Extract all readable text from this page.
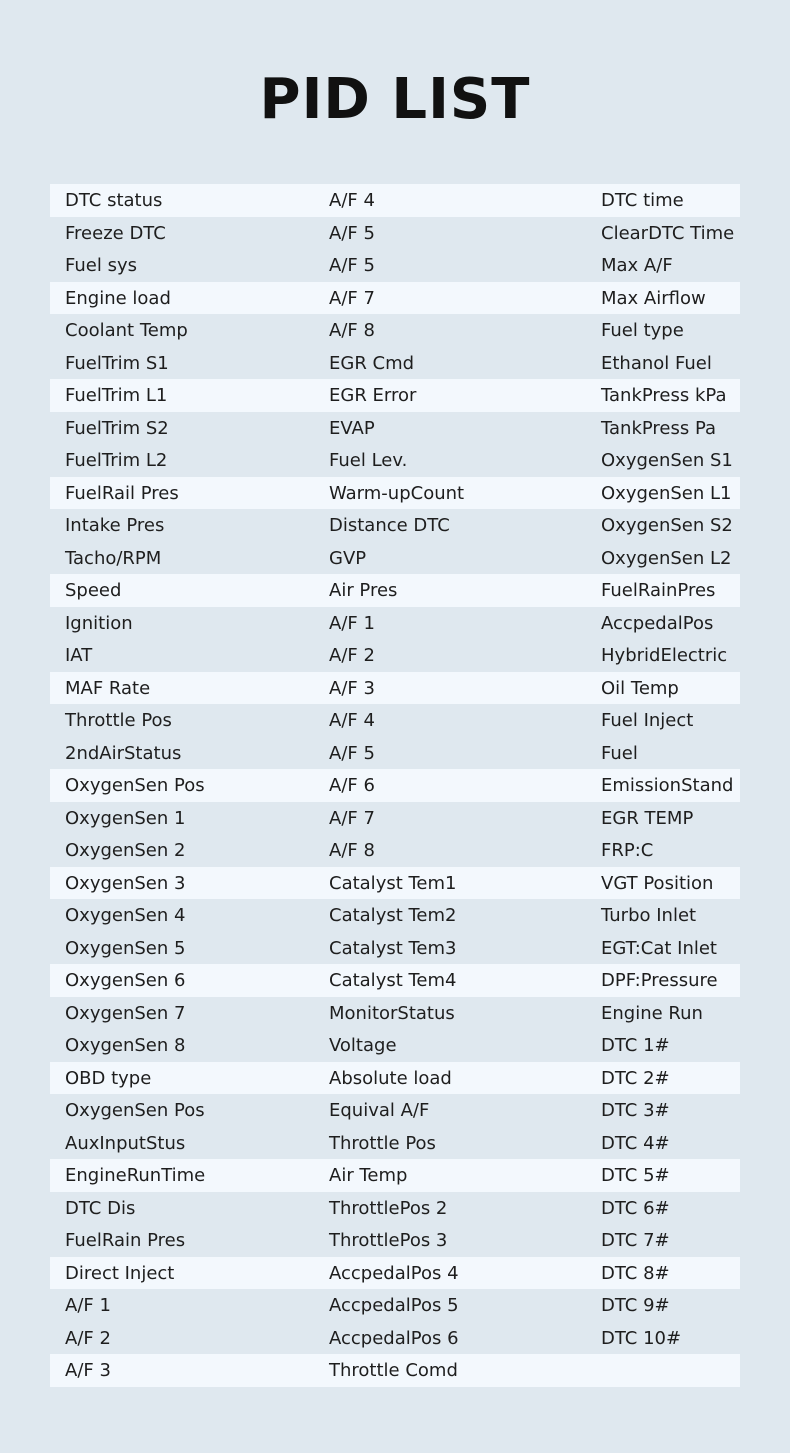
PID LIST
DTC status	A/F 4	DTC time
Freeze DTC	A/F 5	ClearDTC Time
Fuel sys	A/F 5	Max A/F
Engine load	A/F 7	Max Airflow
Coolant Temp	A/F 8	Fuel type
FuelTrim S1	EGR Cmd	Ethanol Fuel
FuelTrim L1	EGR Error	TankPress kPa
FuelTrim S2	EVAP	TankPress Pa
FuelTrim L2	Fuel Lev.	OxygenSen S1
FuelRail Pres	Warm-upCount	OxygenSen L1
Intake Pres	Distance DTC	OxygenSen S2
Tacho/RPM	GVP	OxygenSen L2
Speed	Air Pres	FuelRainPres
Ignition	A/F 1	AccpedalPos
IAT	A/F 2	HybridElectric
MAF Rate	A/F 3	Oil Temp
Throttle Pos	A/F 4	Fuel Inject
2ndAirStatus	A/F 5	Fuel
OxygenSen Pos	A/F 6	EmissionStand
OxygenSen 1	A/F 7	EGR TEMP
OxygenSen 2	A/F 8	FRP:C
OxygenSen 3	Catalyst Tem1	VGT Position
OxygenSen 4	Catalyst Tem2	Turbo Inlet
OxygenSen 5	Catalyst Tem3	EGT:Cat Inlet
OxygenSen 6	Catalyst Tem4	DPF:Pressure
OxygenSen 7	MonitorStatus	Engine Run
OxygenSen 8	Voltage	DTC 1#
OBD type	Absolute load	DTC 2#
OxygenSen Pos	Equival A/F	DTC 3#
AuxInputStus	Throttle Pos	DTC 4#
EngineRunTime	Air Temp	DTC 5#
DTC Dis	ThrottlePos 2	DTC 6#
FuelRain Pres	ThrottlePos 3	DTC 7#
Direct Inject	AccpedalPos 4	DTC 8#
A/F 1	AccpedalPos 5	DTC 9#
A/F 2	AccpedalPos 6	DTC 10#
A/F 3	Throttle Comd
